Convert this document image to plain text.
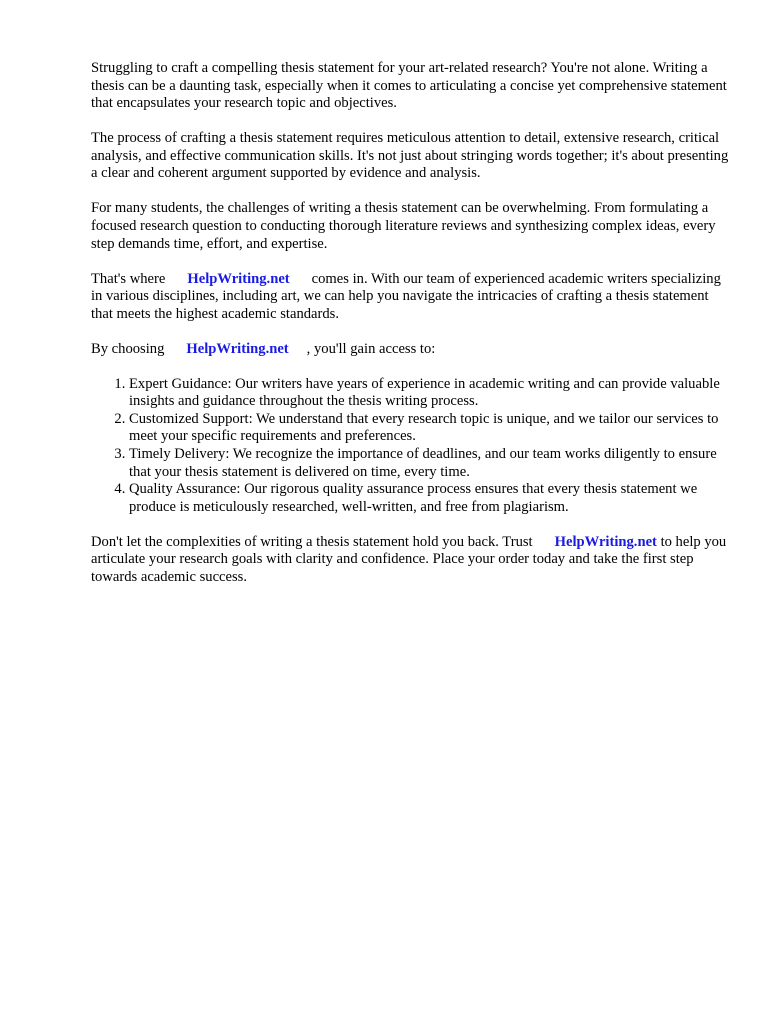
Struggling to craft a compelling thesis statement for your art-related research? You're not alone. Writing a thesis can be a daunting task, especially when it comes to articulating a concise yet comprehensive statement that encapsulates your research topic and objectives.

The process of crafting a thesis statement requires meticulous attention to detail, extensive research, critical analysis, and effective communication skills. It's not just about stringing words together; it's about presenting a clear and coherent argument supported by evidence and analysis.

For many students, the challenges of writing a thesis statement can be overwhelming. From formulating a focused research question to conducting thorough literature reviews and synthesizing complex ideas, every step demands time, effort, and expertise.

That's where HelpWriting.net comes in. With our team of experienced academic writers specializing in various disciplines, including art, we can help you navigate the intricacies of crafting a thesis statement that meets the highest academic standards.

By choosing HelpWriting.net , you'll gain access to:

1. Expert Guidance: Our writers have years of experience in academic writing and can provide valuable insights and guidance throughout the thesis writing process.
2. Customized Support: We understand that every research topic is unique, and we tailor our services to meet your specific requirements and preferences.
3. Timely Delivery: We recognize the importance of deadlines, and our team works diligently to ensure that your thesis statement is delivered on time, every time.
4. Quality Assurance: Our rigorous quality assurance process ensures that every thesis statement we produce is meticulously researched, well-written, and free from plagiarism.

Don't let the complexities of writing a thesis statement hold you back. Trust HelpWriting.net to help you articulate your research goals with clarity and confidence. Place your order today and take the first step towards academic success.
